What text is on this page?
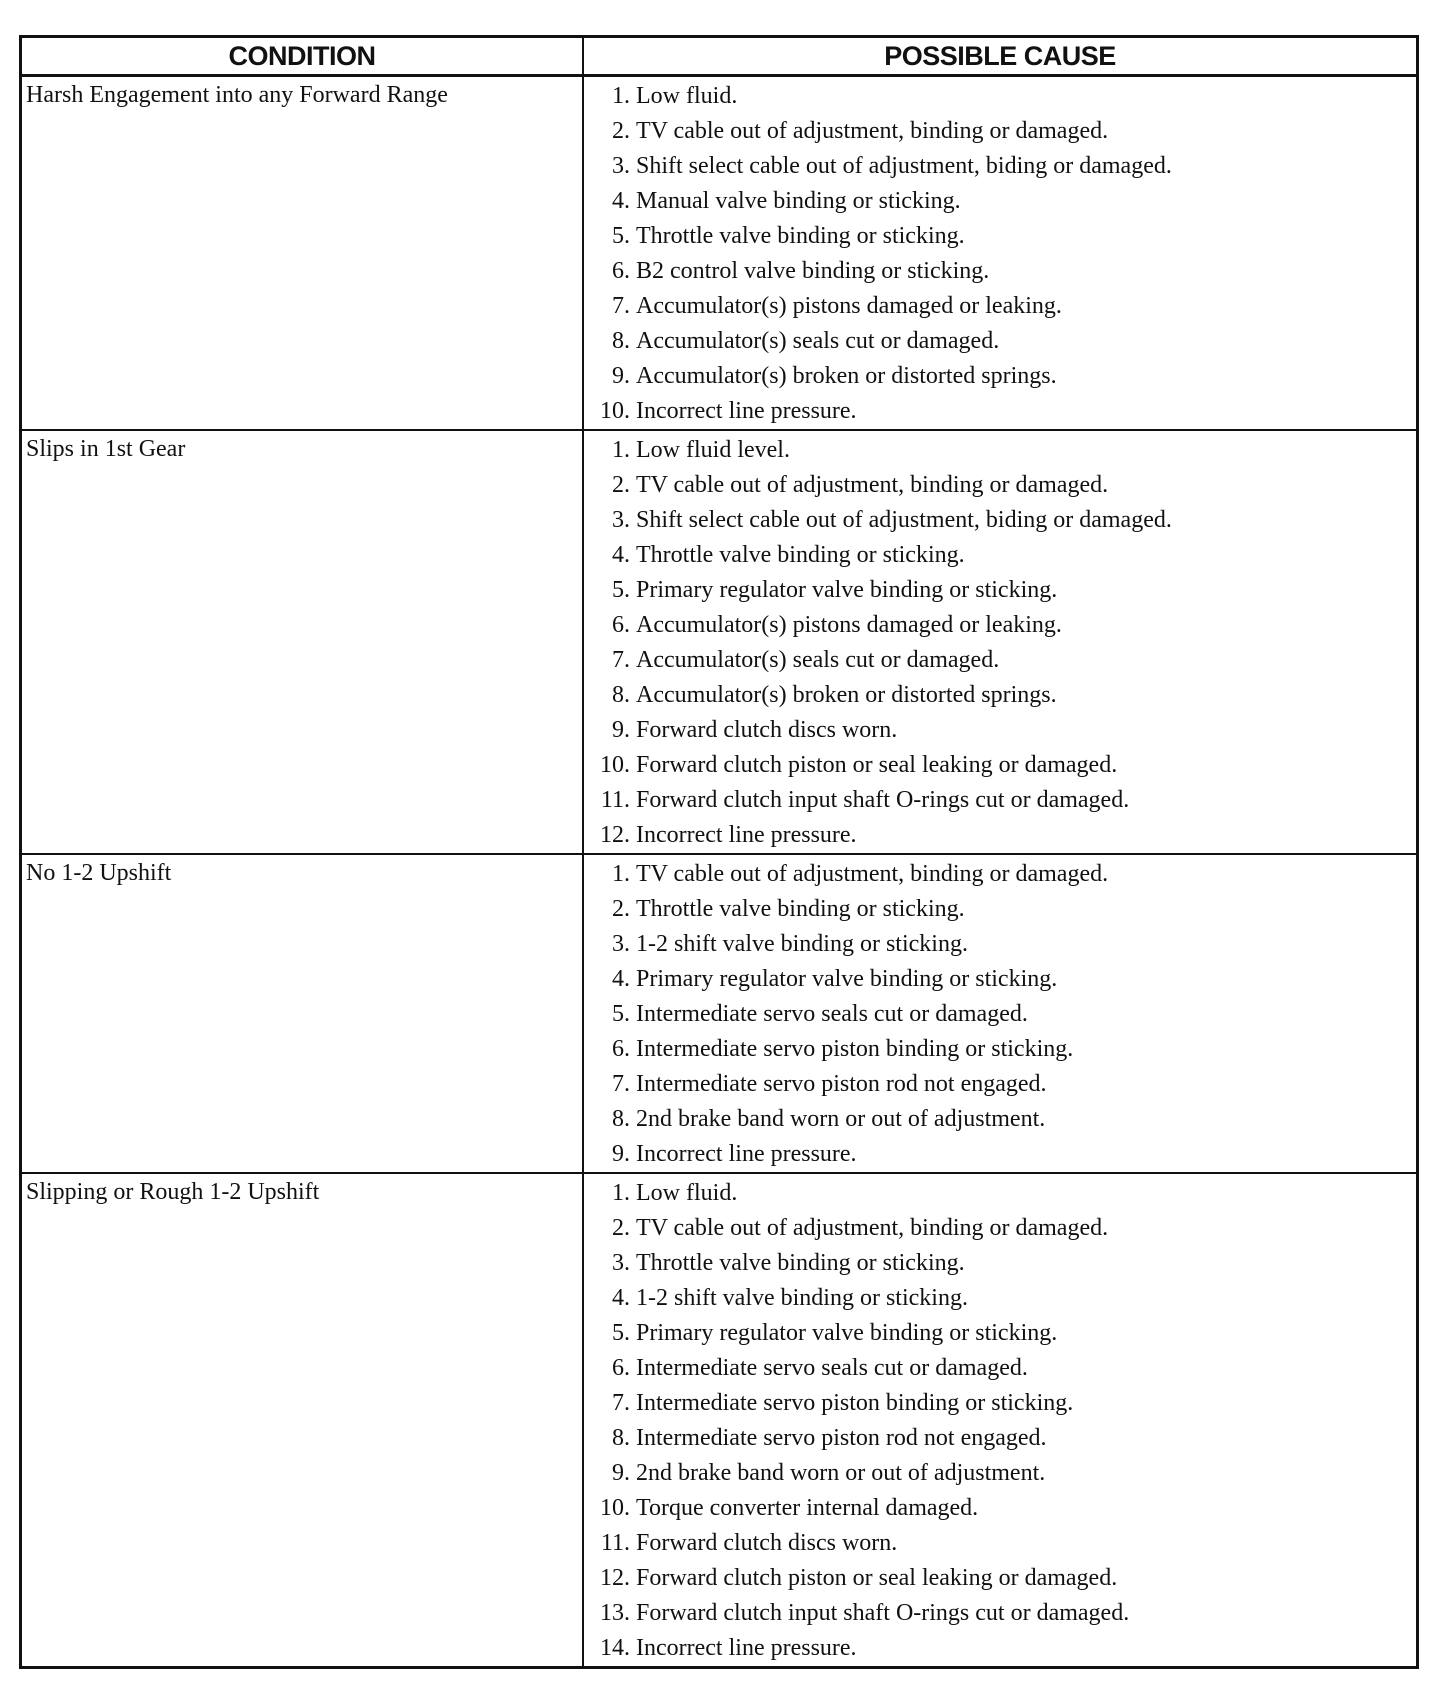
CONDITION	POSSIBLE CAUSE
Harsh Engagement into any Forward Range	1. Low fluid.
2. TV cable out of adjustment, binding or damaged.
3. Shift select cable out of adjustment, biding or damaged.
4. Manual valve binding or sticking.
5. Throttle valve binding or sticking.
6. B2 control valve binding or sticking.
7. Accumulator(s) pistons damaged or leaking.
8. Accumulator(s) seals cut or damaged.
9. Accumulator(s) broken or distorted springs.
10. Incorrect line pressure.
Slips in 1st Gear	1. Low fluid level.
2. TV cable out of adjustment, binding or damaged.
3. Shift select cable out of adjustment, biding or damaged.
4. Throttle valve binding or sticking.
5. Primary regulator valve binding or sticking.
6. Accumulator(s) pistons damaged or leaking.
7. Accumulator(s) seals cut or damaged.
8. Accumulator(s) broken or distorted springs.
9. Forward clutch discs worn.
10. Forward clutch piston or seal leaking or damaged.
11. Forward clutch input shaft O-rings cut or damaged.
12. Incorrect line pressure.
No 1-2 Upshift	1. TV cable out of adjustment, binding or damaged.
2. Throttle valve binding or sticking.
3. 1-2 shift valve binding or sticking.
4. Primary regulator valve binding or sticking.
5. Intermediate servo seals cut or damaged.
6. Intermediate servo piston binding or sticking.
7. Intermediate servo piston rod not engaged.
8. 2nd brake band worn or out of adjustment.
9. Incorrect line pressure.
Slipping or Rough 1-2 Upshift	1. Low fluid.
2. TV cable out of adjustment, binding or damaged.
3. Throttle valve binding or sticking.
4. 1-2 shift valve binding or sticking.
5. Primary regulator valve binding or sticking.
6. Intermediate servo seals cut or damaged.
7. Intermediate servo piston binding or sticking.
8. Intermediate servo piston rod not engaged.
9. 2nd brake band worn or out of adjustment.
10. Torque converter internal damaged.
11. Forward clutch discs worn.
12. Forward clutch piston or seal leaking or damaged.
13. Forward clutch input shaft O-rings cut or damaged.
14. Incorrect line pressure.
